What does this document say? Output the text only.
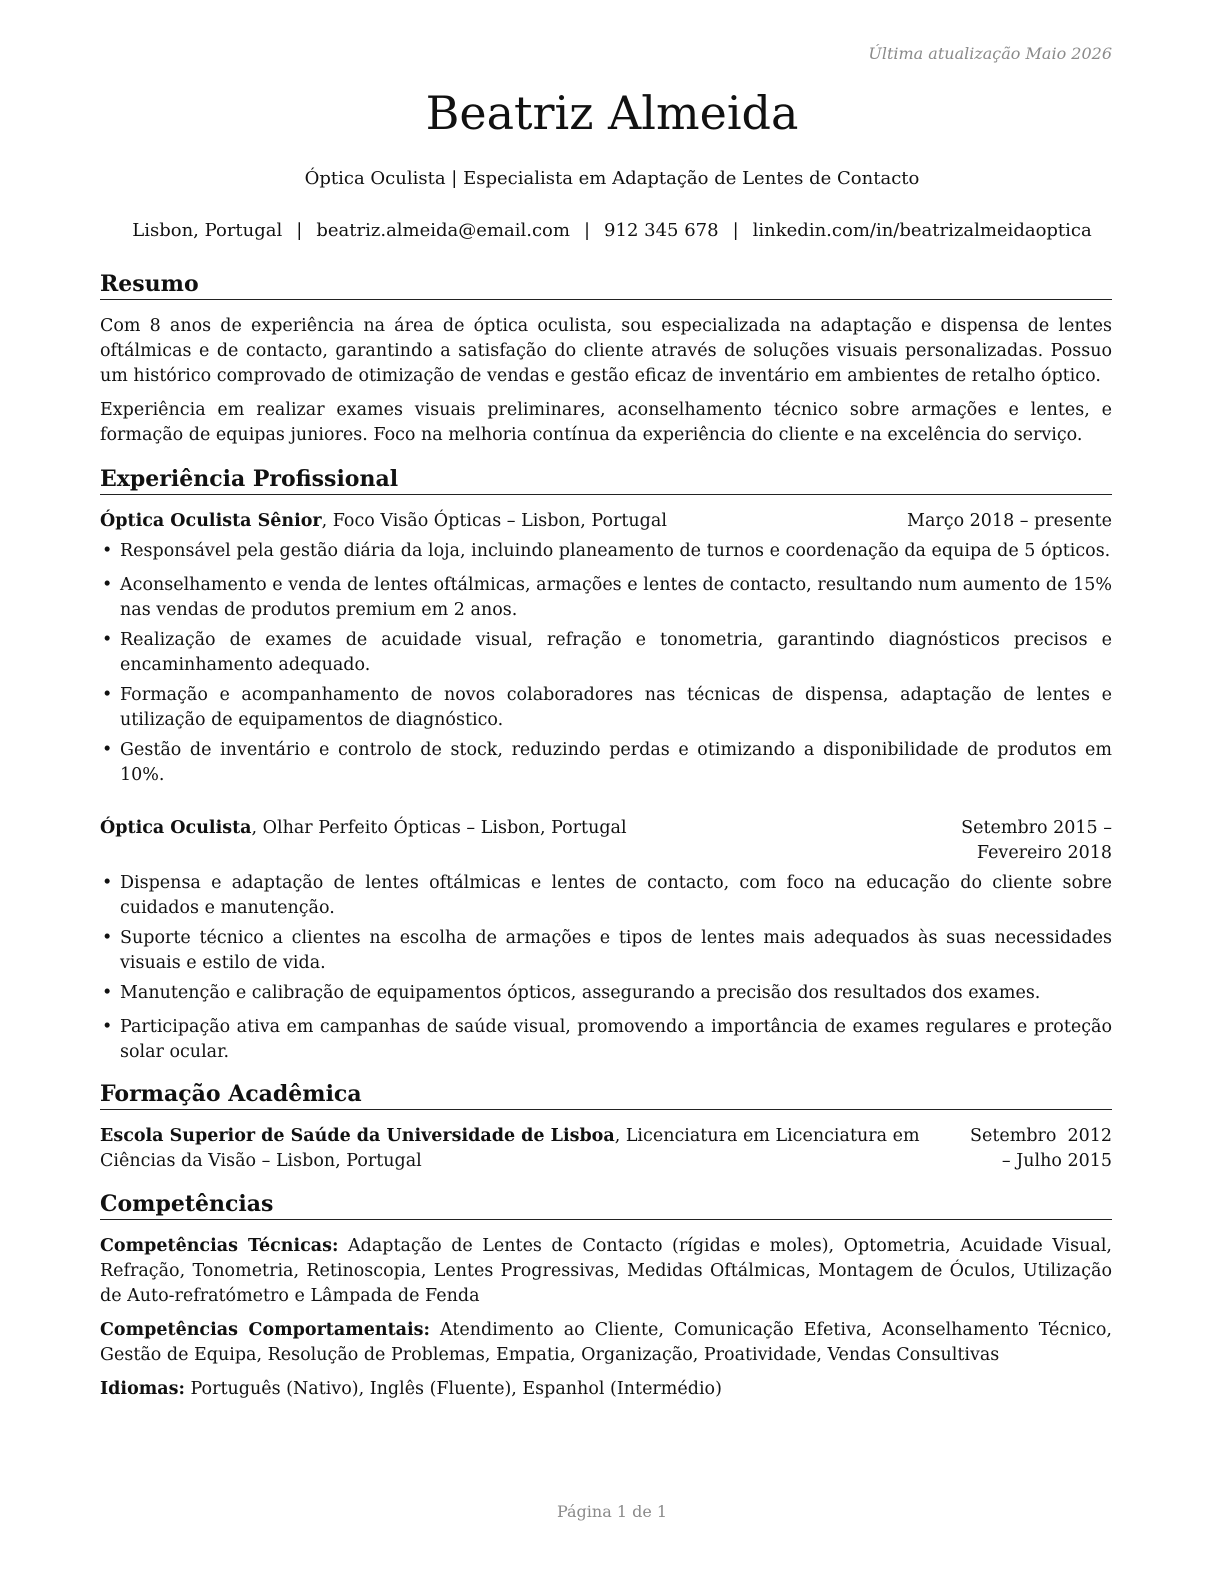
Última atualização Maio 2026
Beatriz Almeida
Óptica Oculista | Especialista em Adaptação de Lentes de Contacto
Lisbon, Portugal | beatriz.almeida@email.com | 912 345 678 | linkedin.com/in/beatrizalmeidaoptica
Resumo

Com 8 anos de experiência na área de óptica oculista, sou especializada na adaptação e dispensa de lentes oftálmicas e de contacto, garantindo a satisfação do cliente através de soluções visuais personalizadas. Possuo um histórico comprovado de otimização de vendas e gestão eficaz de inventário em ambientes de retalho óptico.

Experiência em realizar exames visuais preliminares, aconselhamento técnico sobre armações e lentes, e formação de equipas juniores. Foco na melhoria contínua da experiência do cliente e na excelência do serviço.

Experiência Profissional
Óptica Oculista Sênior, Foco Visão Ópticas – Lisbon, Portugal	Março 2018 – presente
• Responsável pela gestão diária da loja, incluindo planeamento de turnos e coordenação da equipa de 5 ópticos.
• Aconselhamento e venda de lentes oftálmicas, armações e lentes de contacto, resultando num aumento de 15% nas vendas de produtos premium em 2 anos.
• Realização de exames de acuidade visual, refração e tonometria, garantindo diagnósticos precisos e encaminhamento adequado.
• Formação e acompanhamento de novos colaboradores nas técnicas de dispensa, adaptação de lentes e utilização de equipamentos de diagnóstico.
• Gestão de inventário e controlo de stock, reduzindo perdas e otimizando a disponibilidade de produtos em 10%.
Óptica Oculista, Olhar Perfeito Ópticas – Lisbon, Portugal	Setembro 2015 – Fevereiro 2018
• Dispensa e adaptação de lentes oftálmicas e lentes de contacto, com foco na educação do cliente sobre cuidados e manutenção.
• Suporte técnico a clientes na escolha de armações e tipos de lentes mais adequados às suas necessidades visuais e estilo de vida.
• Manutenção e calibração de equipamentos ópticos, assegurando a precisão dos resultados dos exames.
• Participação ativa em campanhas de saúde visual, promovendo a importância de exames regulares e proteção solar ocular.
Formação Acadêmica
Escola Superior de Saúde da Universidade de Lisboa, Licenciatura em Licenciatura em Ciências da Visão – Lisbon, Portugal
Setembro 2012 – Julho 2015
Competências

Competências Técnicas: Adaptação de Lentes de Contacto (rígidas e moles), Optometria, Acuidade Visual, Refração, Tonometria, Retinoscopia, Lentes Progressivas, Medidas Oftálmicas, Montagem de Óculos, Utilização de Auto-refratómetro e Lâmpada de Fenda

Competências Comportamentais: Atendimento ao Cliente, Comunicação Efetiva, Aconselhamento Técnico, Gestão de Equipa, Resolução de Problemas, Empatia, Organização, Proatividade, Vendas Consultivas

Idiomas: Português (Nativo), Inglês (Fluente), Espanhol (Intermédio)

Página 1 de 1
